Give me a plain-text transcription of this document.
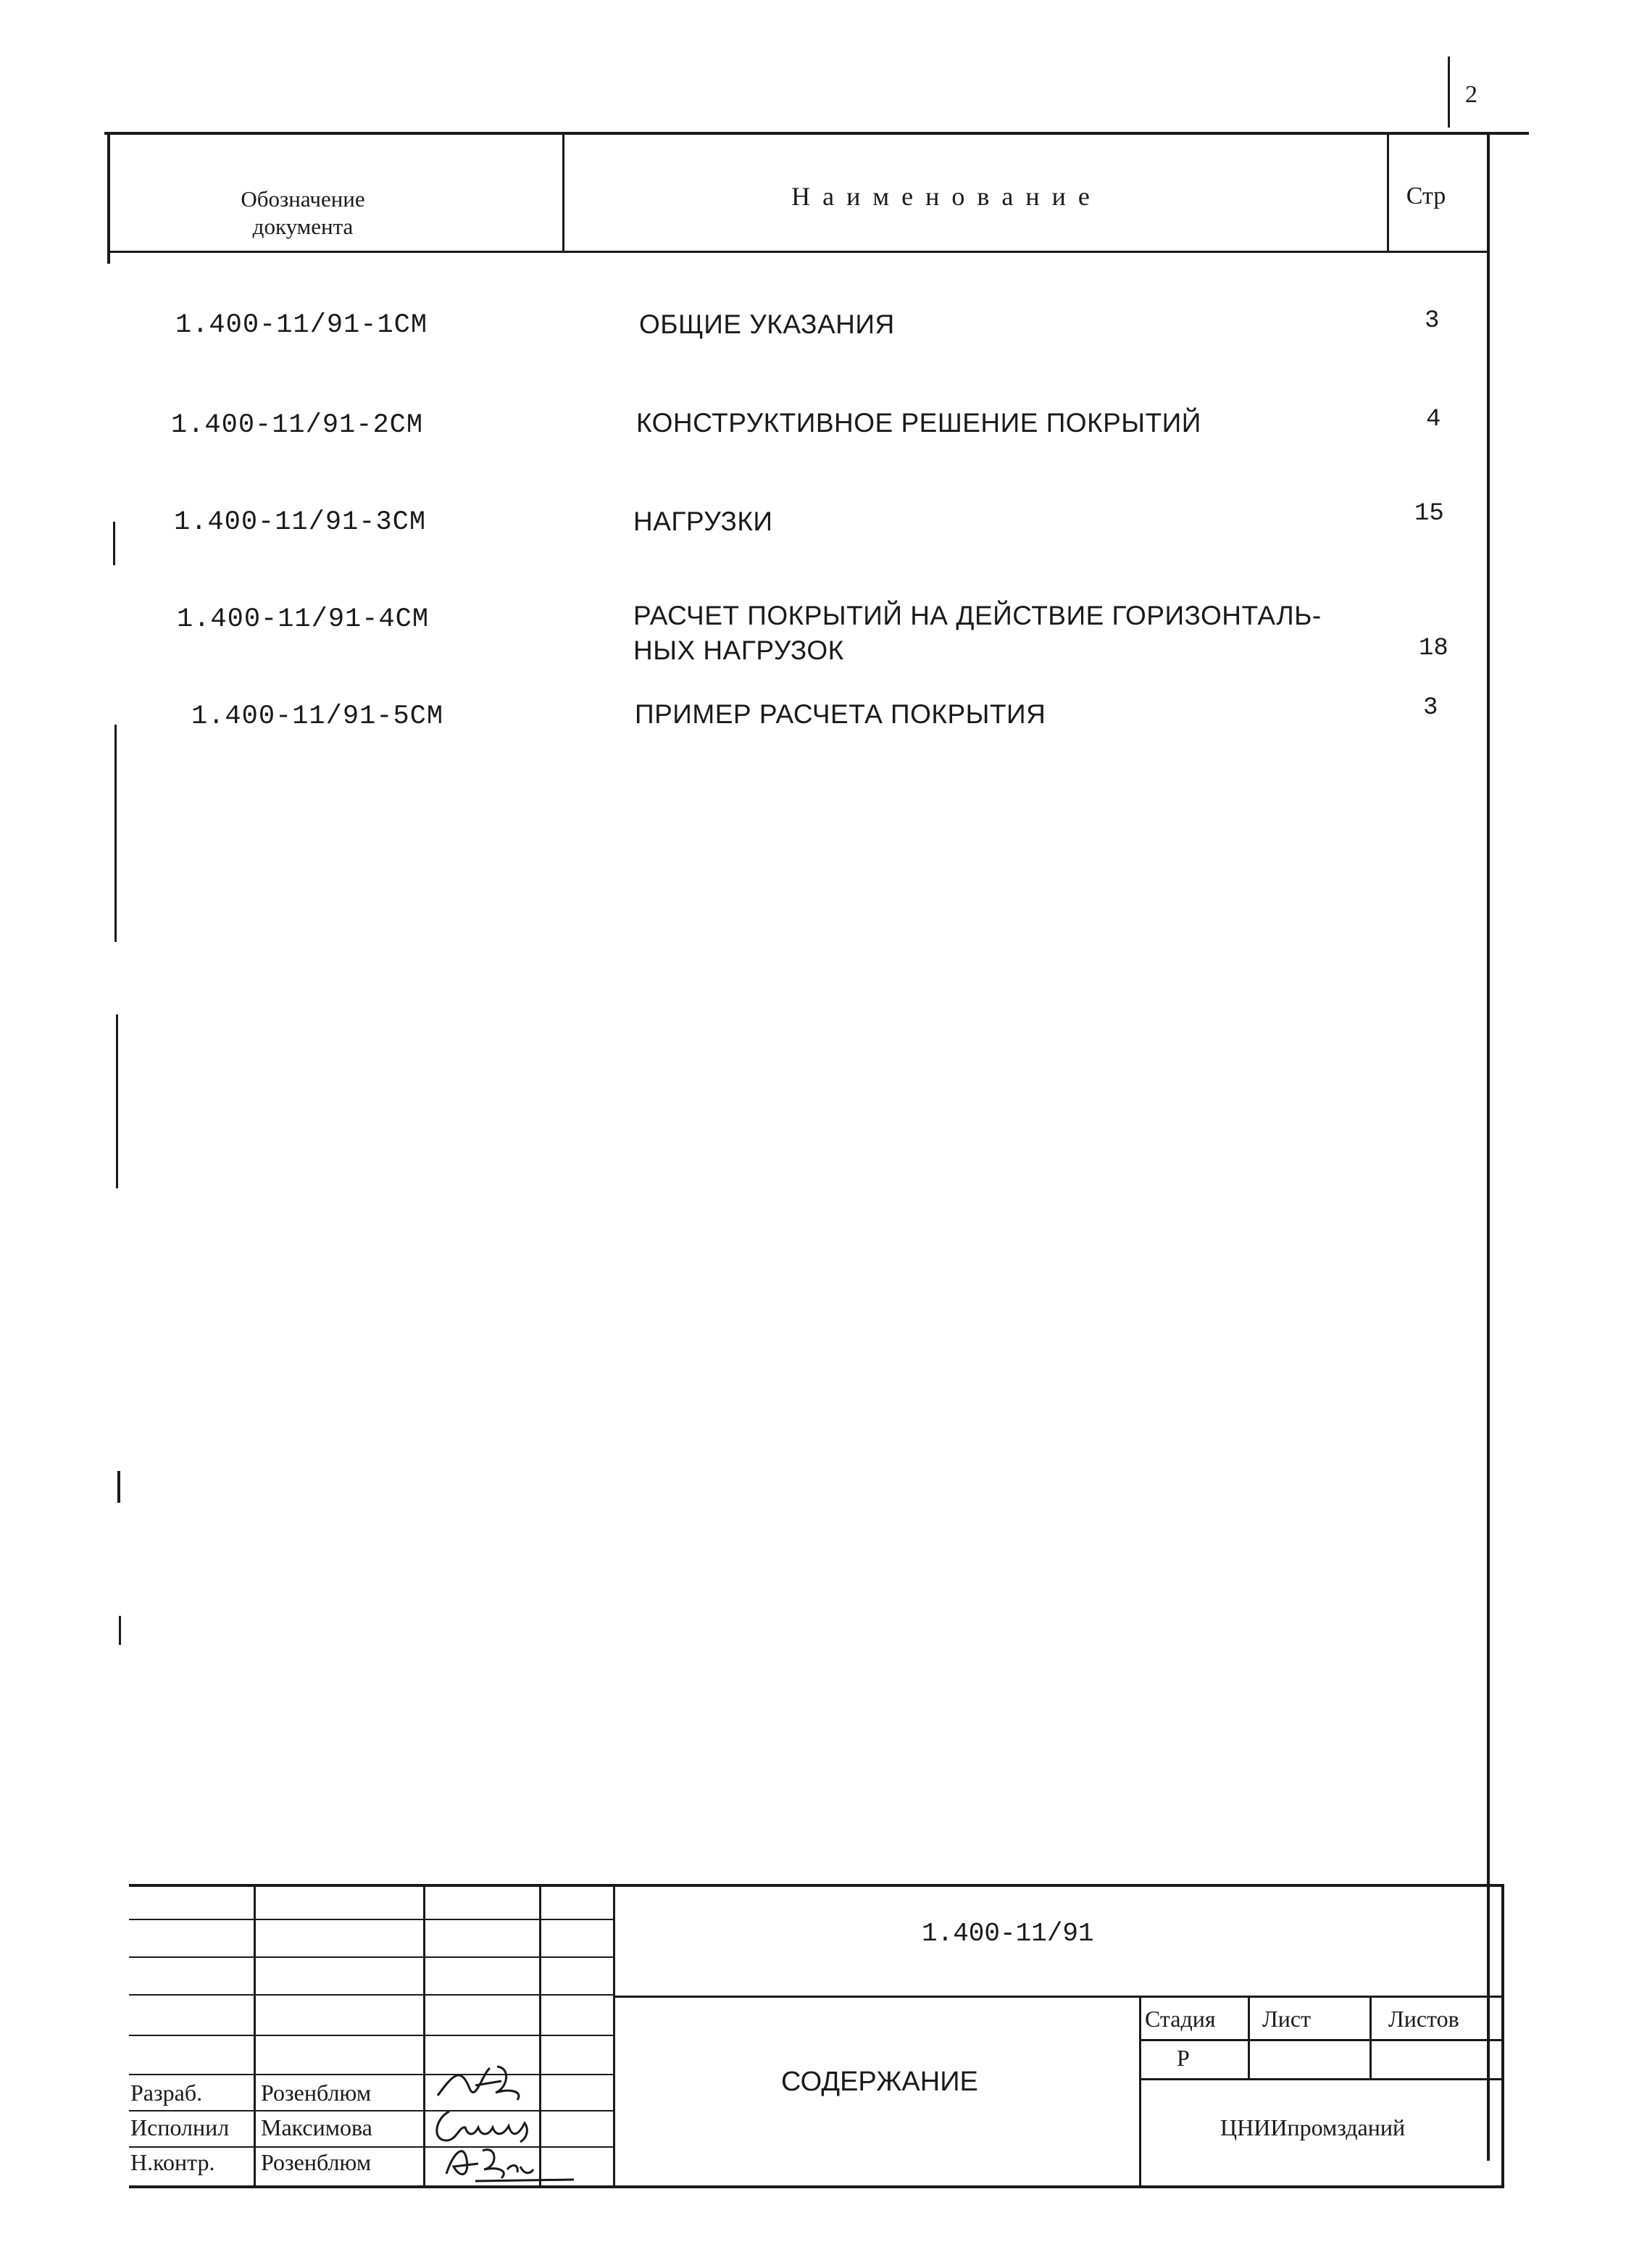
2
Обозначение документа
Н а и м е н о в а н и е	Стр
1.400-11/91-1СМ	ОБЩИЕ УКАЗАНИЯ	3
1.400-11/91-2СМ	КОНСТРУКТИВНОЕ РЕШЕНИЕ ПОКРЫТИЙ	4
1.400-11/91-3СМ	НАГРУЗКИ	15
1.400-11/91-4СМ	РАСЧЕТ ПОКРЫТИЙ НА ДЕЙСТВИЕ ГОРИЗОНТАЛЬ-
НЫХ НАГРУЗОК	18
1.400-11/91-5СМ	ПРИМЕР РАСЧЕТА ПОКРЫТИЯ	3
1.400-11/91
СОДЕРЖАНИЕ
Стадия Лист	Листов
Р
ЦНИИпромзданий
Разраб.	Розенблюм
Исполнил Максимова
Н.контр. Розенблюм
